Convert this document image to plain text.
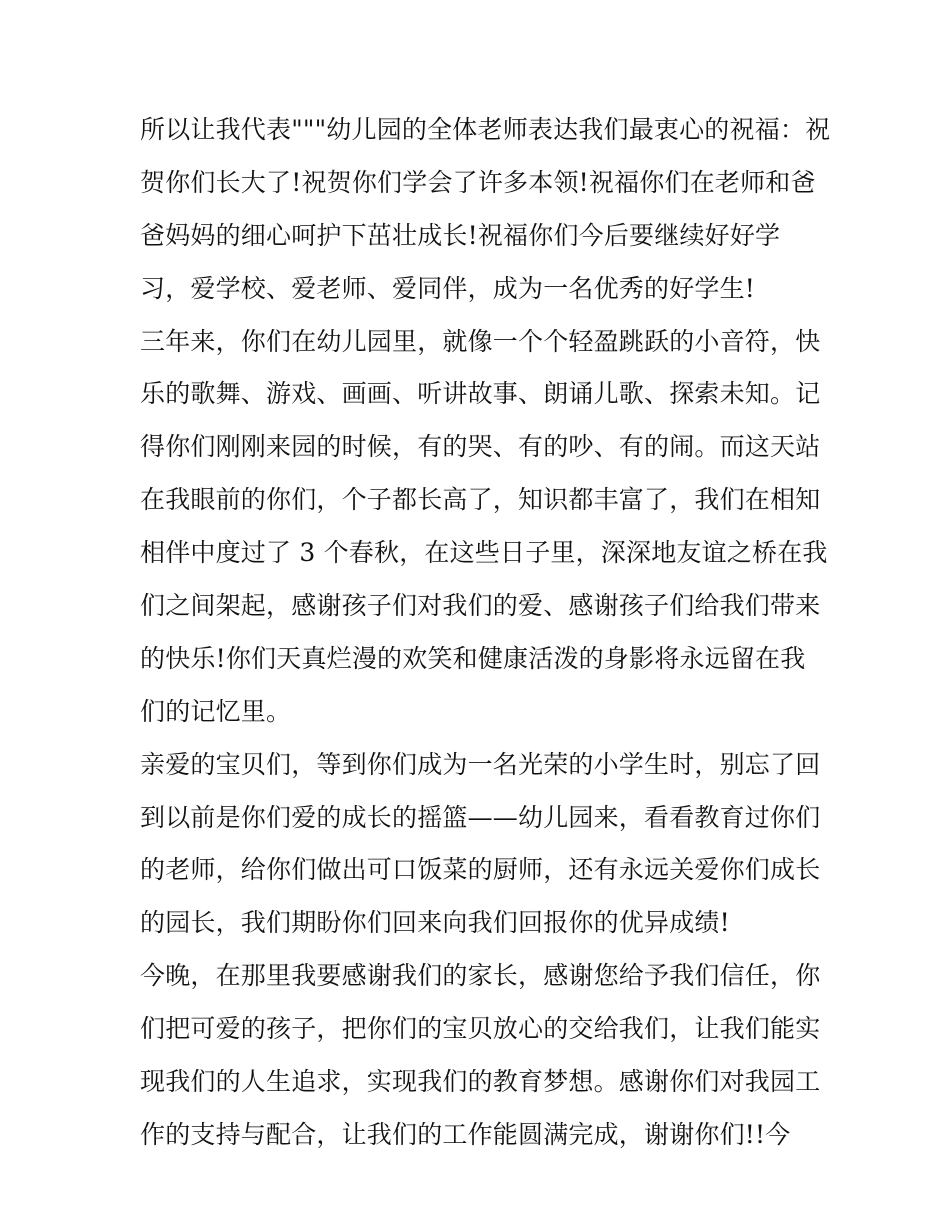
所以让我代表"""幼儿园的全体老师表达我们最衷心的祝福：祝
贺你们长大了!祝贺你们学会了许多本领!祝福你们在老师和爸
爸妈妈的细心呵护下茁壮成长!祝福你们今后要继续好好学
习，爱学校、爱老师、爱同伴，成为一名优秀的好学生!
三年来，你们在幼儿园里，就像一个个轻盈跳跃的小音符，快
乐的歌舞、游戏、画画、听讲故事、朗诵儿歌、探索未知。记
得你们刚刚来园的时候，有的哭、有的吵、有的闹。而这天站
在我眼前的你们，个子都长高了，知识都丰富了，我们在相知
相伴中度过了 3 个春秋，在这些日子里，深深地友谊之桥在我
们之间架起，感谢孩子们对我们的爱、感谢孩子们给我们带来
的快乐!你们天真烂漫的欢笑和健康活泼的身影将永远留在我
们的记忆里。
亲爱的宝贝们，等到你们成为一名光荣的小学生时，别忘了回
到以前是你们爱的成长的摇篮——幼儿园来，看看教育过你们
的老师，给你们做出可口饭菜的厨师，还有永远关爱你们成长
的园长，我们期盼你们回来向我们回报你的优异成绩!
今晚，在那里我要感谢我们的家长，感谢您给予我们信任，你
们把可爱的孩子，把你们的宝贝放心的交给我们，让我们能实
现我们的人生追求，实现我们的教育梦想。感谢你们对我园工
作的支持与配合，让我们的工作能圆满完成，谢谢你们!!今
